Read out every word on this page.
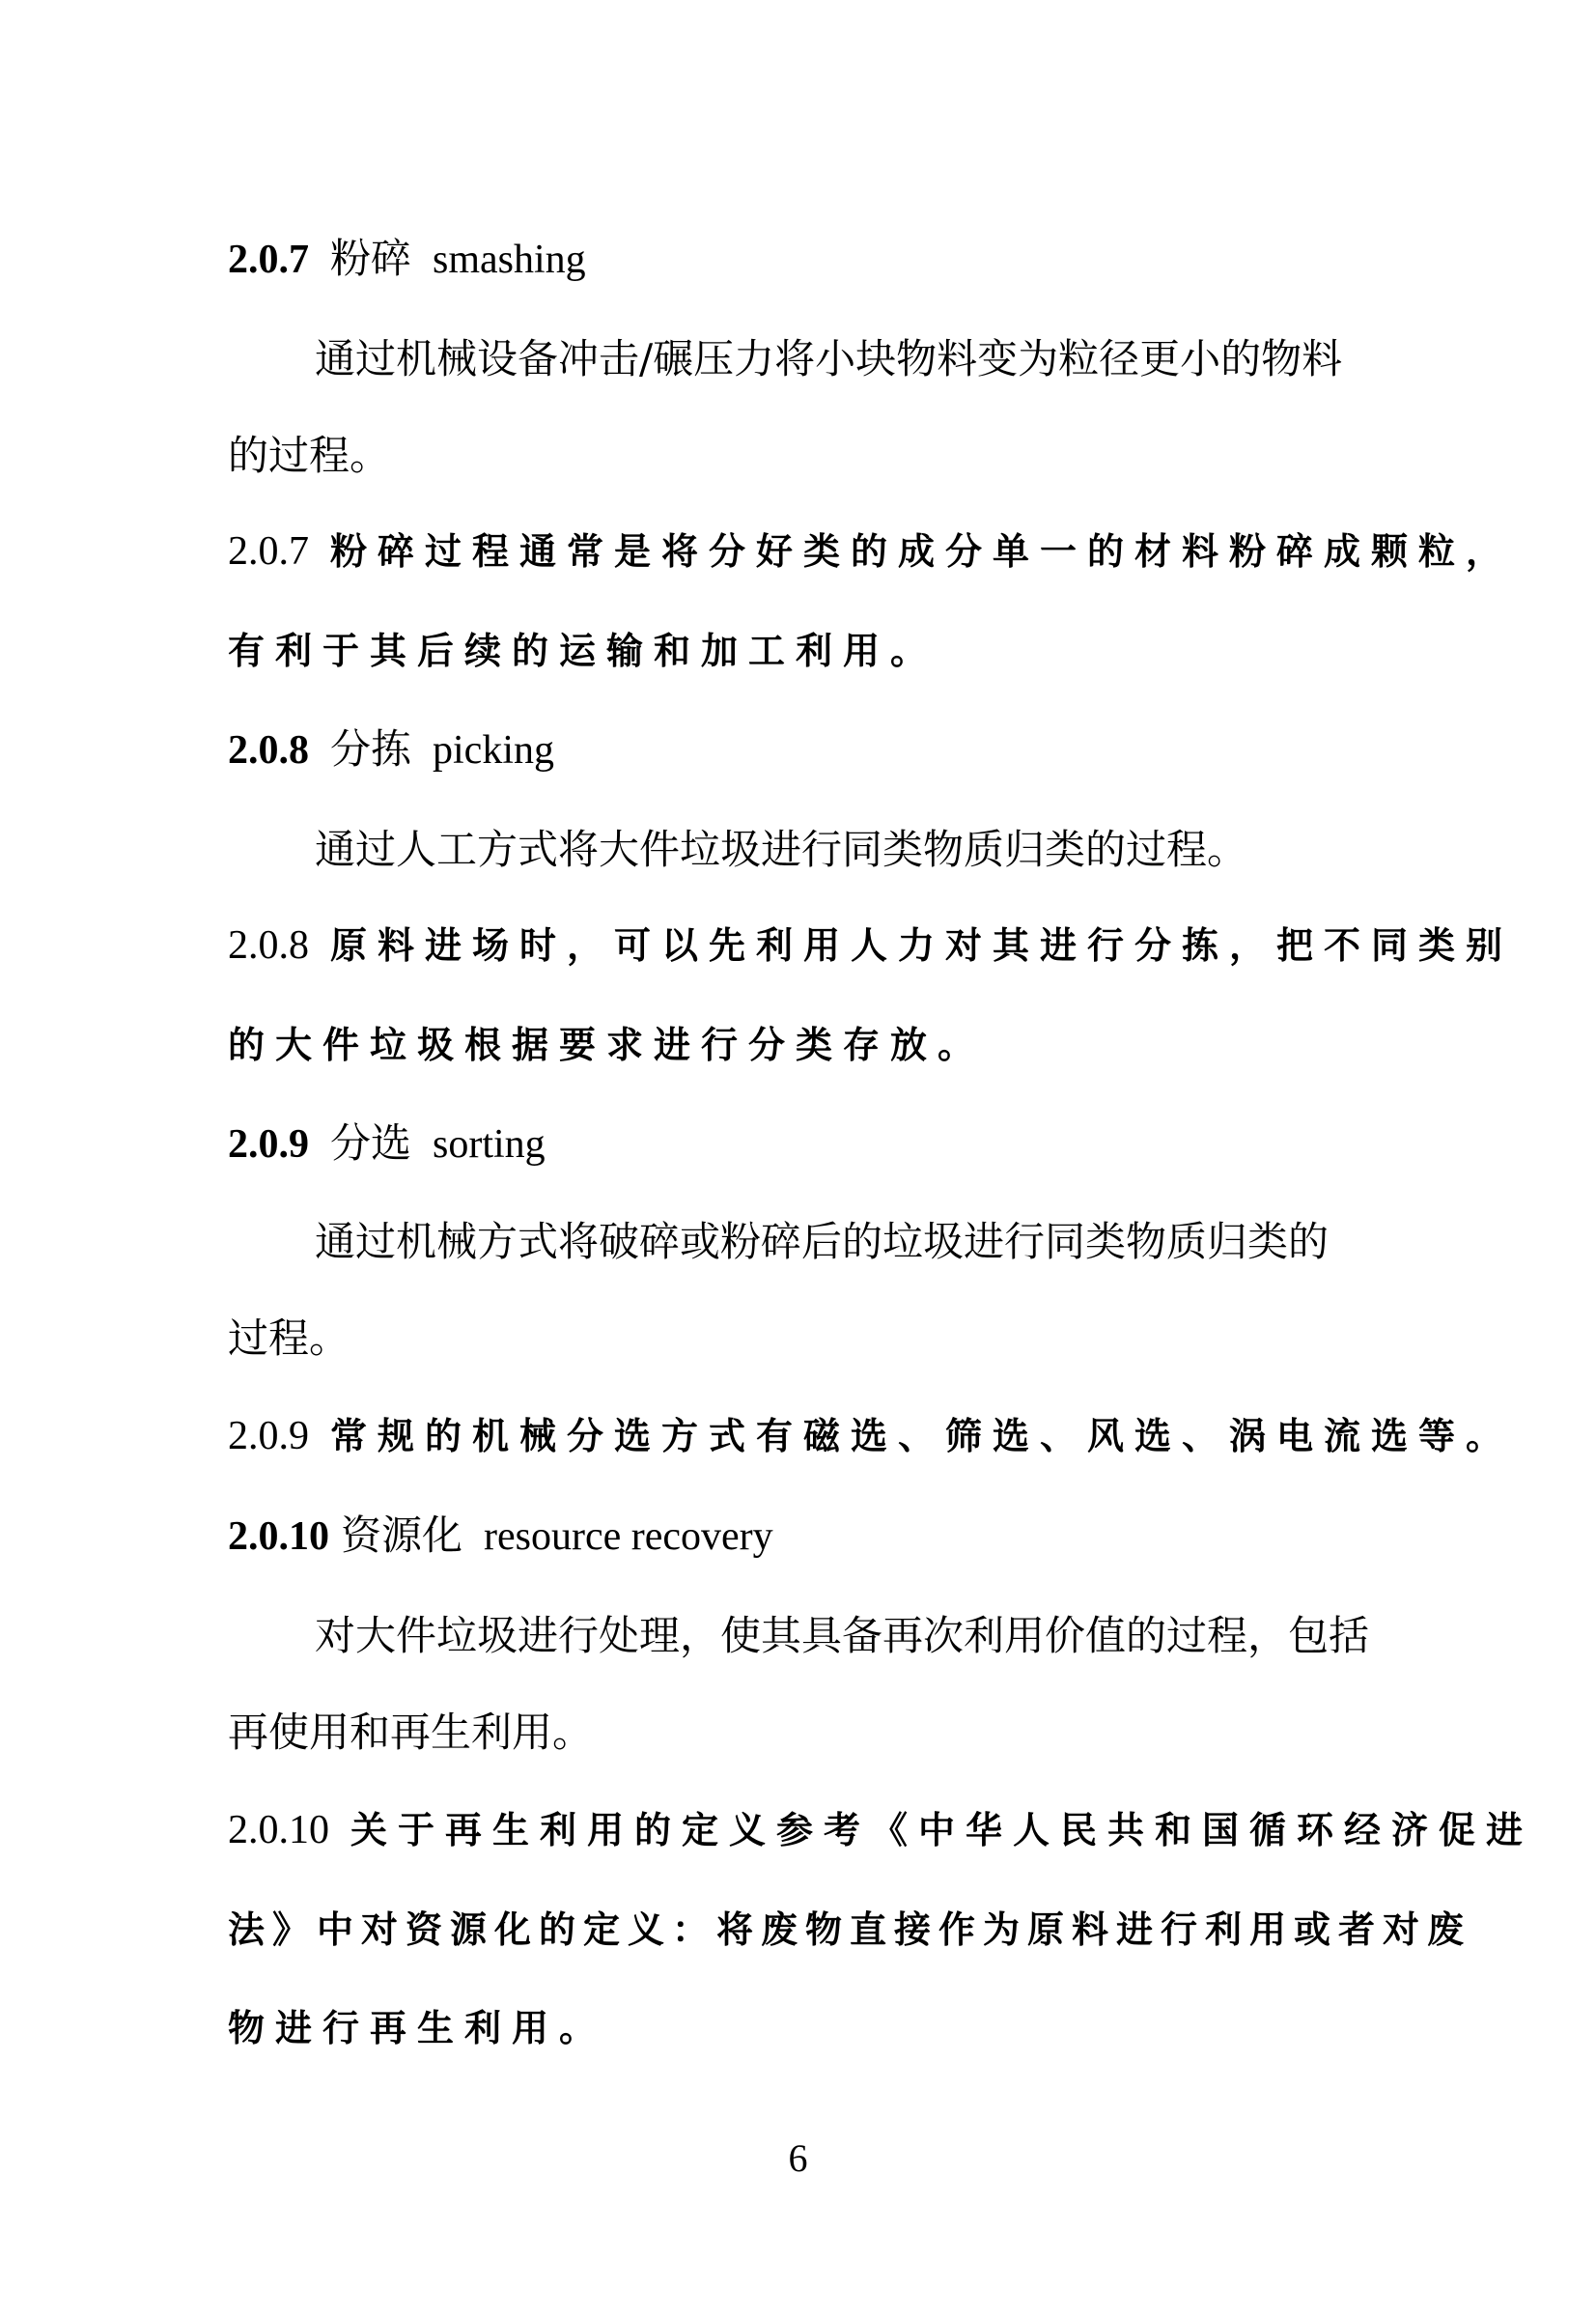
2.0.7 粉碎 smashing
通过机械设备冲击/碾压力将小块物料变为粒径更小的物料
的过程。
2.0.7 粉碎过程通常是将分好类的成分单一的材料粉碎成颗粒，
有利于其后续的运输和加工利用。
2.0.8 分拣 picking
通过人工方式将大件垃圾进行同类物质归类的过程。
2.0.8 原料进场时，可以先利用人力对其进行分拣，把不同类别
的大件垃圾根据要求进行分类存放。
2.0.9 分选 sorting
通过机械方式将破碎或粉碎后的垃圾进行同类物质归类的
过程。
2.0.9 常规的机械分选方式有磁选、筛选、风选、涡电流选等。
2.0.10 资源化 resource recovery
对大件垃圾进行处理，使其具备再次利用价值的过程，包括
再使用和再生利用。
2.0.10 关于再生利用的定义参考《中华人民共和国循环经济促进
法》中对资源化的定义：将废物直接作为原料进行利用或者对废
物进行再生利用。
6
